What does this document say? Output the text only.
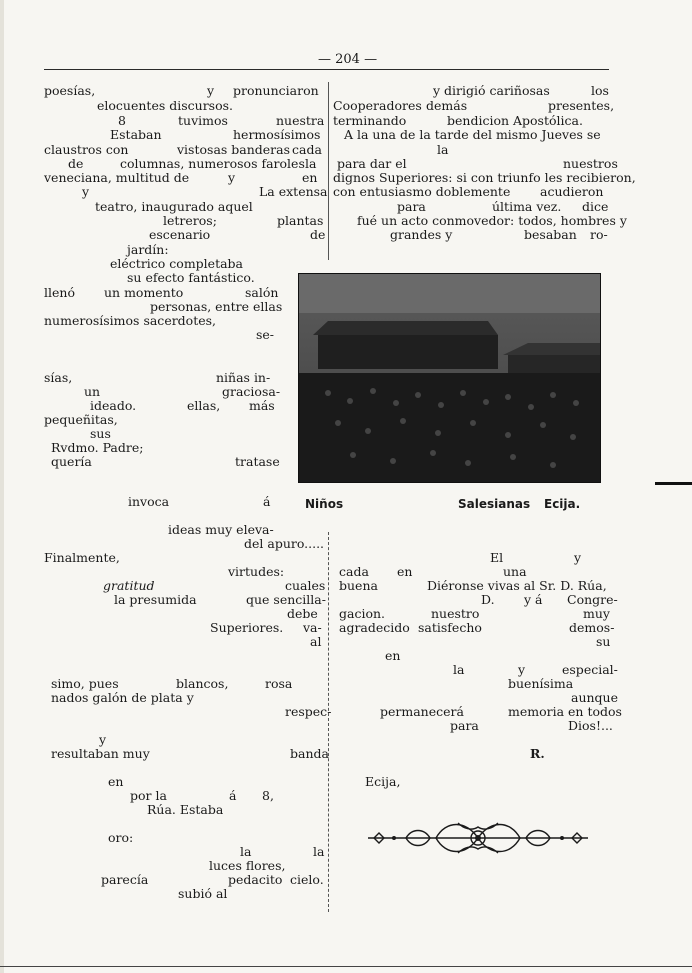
— 204 —
poesías,	y pronunciaron
elocuentes discursos.
8	tuvimos	nuestra
Estaban	hermosísimos
claustros con	vistosas banderas cada
de	columnas, numerosos faroles la
veneciana, multitud de	y	en
y	La extensa
teatro, inaugurado aquel
letreros;	plantas
escenario	de
jardín:
eléctrico completaba
su efecto fantástico.
llenó un momento	salón
personas, entre ellas
numerosísimos sacerdotes,
se-
sías,	niñas in-
un	graciosa-
ideado.	ellas, más
pequeñitas,
sus
Rvdmo. Padre;
quería	tratase
invoca	á
ideas muy eleva-
del apuro.....
Finalmente,
virtudes:
gratitud	cuales
la presumida	que sencilla-
debe
Superiores. va-
al
simo, pues	blancos,	rosa
nados galón de plata y
respec-
y
resultaban muy	banda
en
por la	á 8,
Rúa. Estaba
oro:
la	la
luces flores,
parecía	pedacito cielo.
subió al
y dirigió cariñosas	los
Cooperadores demás	presentes,
terminando	bendicion Apostólica.
A la una de la tarde del mismo Jueves se
la
para dar el	nuestros
dignos Superiores: si con triunfo les recibieron,
con entusiasmo doblemente acudieron
para	última vez. dice
fué un acto conmovedor: todos, hombres y
grandes y	besaban ro-
Niños	Salesianas Ecija.
El	y
cada en	una
buena	Diéronse vivas al Sr. D. Rúa,
D. y á Congre-
gacion.	nuestro	muy
agradecido satisfecho	demos-
su
en
la	y	especial-
buenísima
aunque
permanecerá	memoria en todos
para	Dios!...
R.
Ecija,
